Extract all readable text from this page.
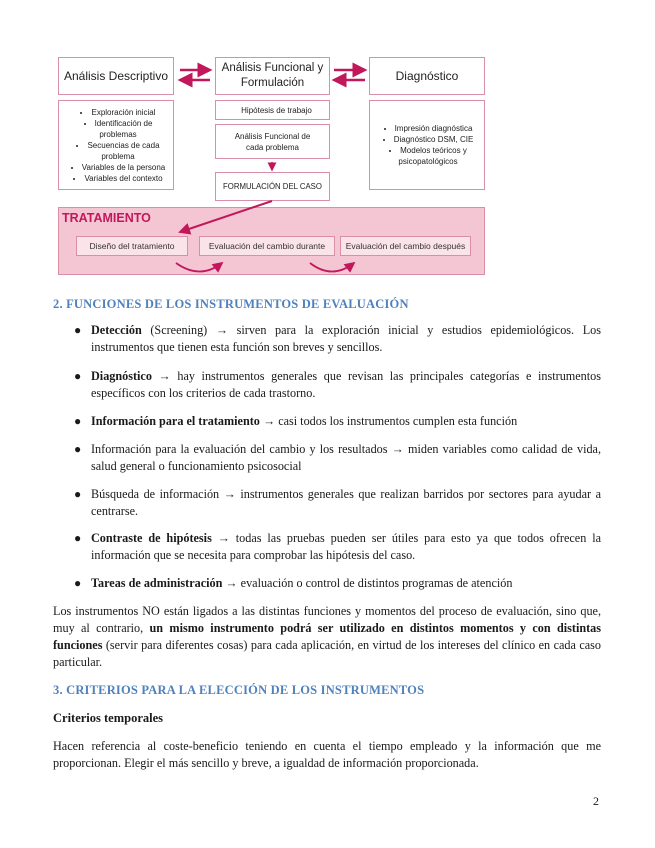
Análisis Descriptivo
Análisis Funcional y Formulación	Diagnóstico
• Exploración inicial
• Identificación de problemas
• Secuencias de cada problema
• Variables de la persona
• Variables del contexto
Hipótesis de trabajo
Análisis Funcional de cada problema
FORMULACIÓN DEL CASO
• Impresión diagnóstica
• Diagnóstico DSM, CIE
• Modelos teóricos y psicopatológicos
TRATAMIENTO
Diseño del tratamiento	Evaluación del cambio durante	Evaluación del cambio después
2. FUNCIONES DE LOS INSTRUMENTOS DE EVALUACIÓN
● Detección (Screening) → sirven para la exploración inicial y estudios epidemiológicos. Los instrumentos que tienen esta función son breves y sencillos.
● Diagnóstico → hay instrumentos generales que revisan las principales categorías e instrumentos específicos con los criterios de cada trastorno.
● Información para el tratamiento → casi todos los instrumentos cumplen esta función
● Información para la evaluación del cambio y los resultados → miden variables como calidad de vida, salud general o funcionamiento psicosocial
● Búsqueda de información → instrumentos generales que realizan barridos por sectores para ayudar a centrarse.
● Contraste de hipótesis → todas las pruebas pueden ser útiles para esto ya que todos ofrecen la información que se necesita para comprobar las hipótesis del caso.
● Tareas de administración → evaluación o control de distintos programas de atención
Los instrumentos NO están ligados a las distintas funciones y momentos del proceso de evaluación, sino que, muy al contrario, un mismo instrumento podrá ser utilizado en distintos momentos y con distintas funciones (servir para diferentes cosas) para cada aplicación, en virtud de los intereses del clínico en cada caso particular.
3. CRITERIOS PARA LA ELECCIÓN DE LOS INSTRUMENTOS
Criterios temporales
Hacen referencia al coste-beneficio teniendo en cuenta el tiempo empleado y la información que me proporcionan. Elegir el más sencillo y breve, a igualdad de información proporcionada.
2
